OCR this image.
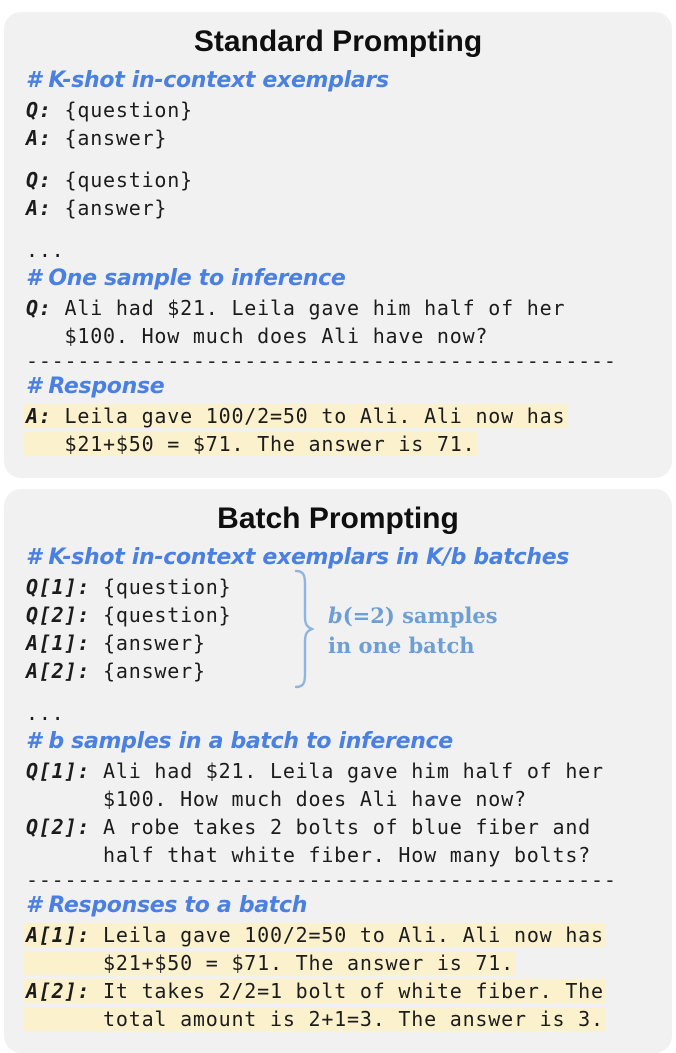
Standard Prompting
# K-shot in-context exemplars
Q: {question}
A: {answer}
Q: {question}
A: {answer}
...
# One sample to inference
Q: Ali had $21. Leila gave him half of her
$100. How much does Ali have now?
----------------------------------------------
# Response
A: Leila gave 100/2=50 to Ali. Ali now has
$21+$50 = $71. The answer is 71.
Batch Prompting
# K-shot in-context exemplars in K/b batches
Q[1]: {question}
Q[2]: {question}
A[1]: {answer}
A[2]: {answer}
b(=2) samples
in one batch
...
# b samples in a batch to inference
Q[1]: Ali had $21. Leila gave him half of her
$100. How much does Ali have now?
Q[2]: A robe takes 2 bolts of blue fiber and
half that white fiber. How many bolts?
----------------------------------------------
# Responses to a batch
A[1]: Leila gave 100/2=50 to Ali. Ali now has
$21+$50 = $71. The answer is 71.
A[2]: It takes 2/2=1 bolt of white fiber. The
total amount is 2+1=3. The answer is 3.
